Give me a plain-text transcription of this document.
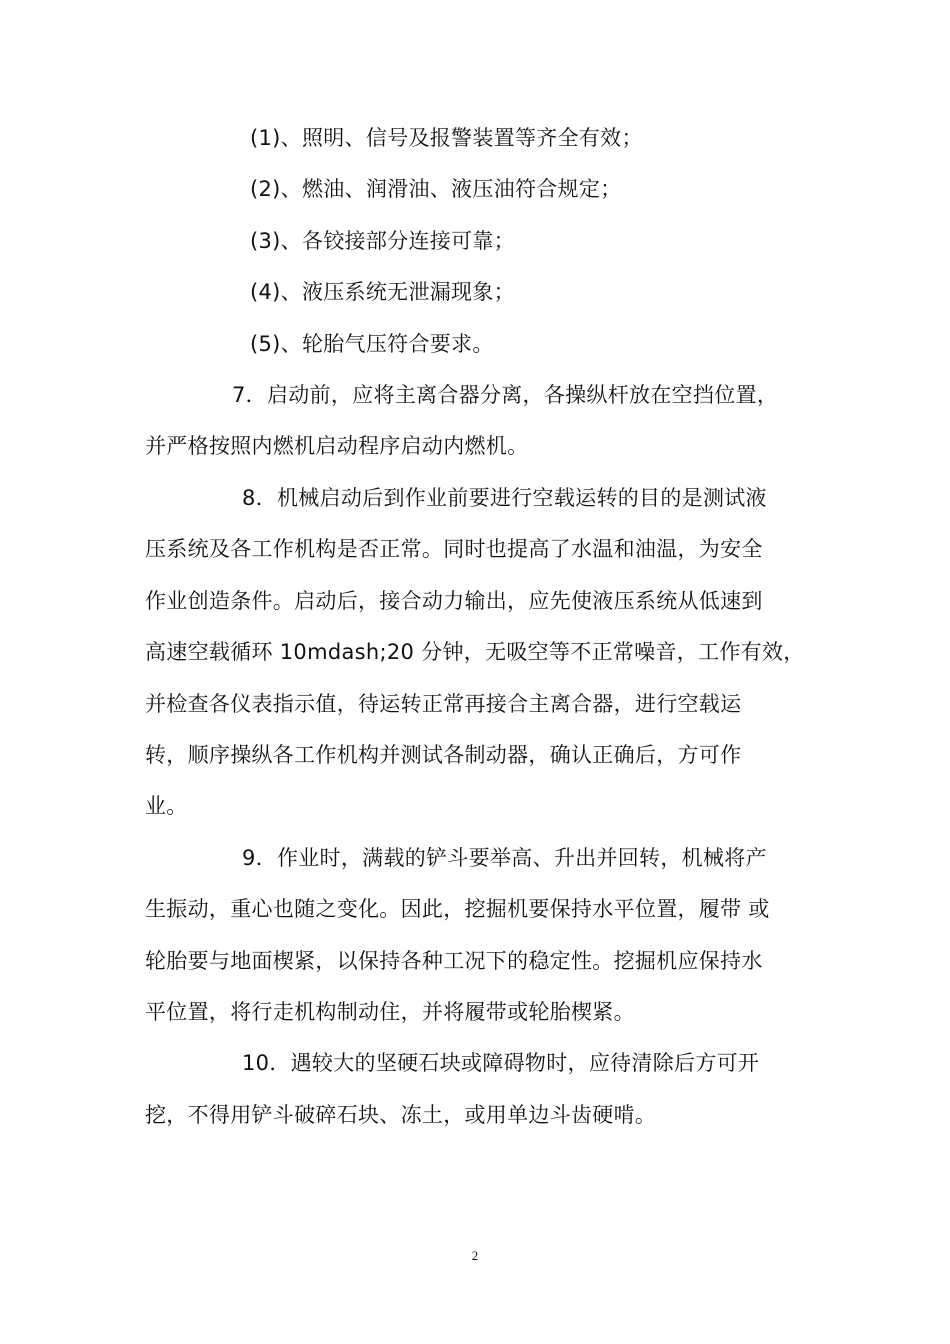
(1)、照明、信号及报警装置等齐全有效；
(2)、燃油、润滑油、液压油符合规定；
(3)、各铰接部分连接可靠；
(4)、液压系统无泄漏现象；
(5)、轮胎气压符合要求。
7．启动前，应将主离合器分离，各操纵杆放在空挡位置，
并严格按照内燃机启动程序启动内燃机。
8．机械启动后到作业前要进行空载运转的目的是测试液
压系统及各工作机构是否正常。同时也提高了水温和油温，为安全
作业创造条件。启动后，接合动力输出，应先使液压系统从低速到
高速空载循环 10mdash;20 分钟，无吸空等不正常噪音，工作有效，
并检查各仪表指示值，待运转正常再接合主离合器，进行空载运
转，顺序操纵各工作机构并测试各制动器，确认正确后，方可作
业。
9．作业时，满载的铲斗要举高、升出并回转，机械将产
生振动，重心也随之变化。因此，挖掘机要保持水平位置，履带 或
轮胎要与地面楔紧，以保持各种工况下的稳定性。挖掘机应保持水
平位置，将行走机构制动住，并将履带或轮胎楔紧。
10．遇较大的坚硬石块或障碍物时，应待清除后方可开
挖，不得用铲斗破碎石块、冻土，或用单边斗齿硬啃。
2
